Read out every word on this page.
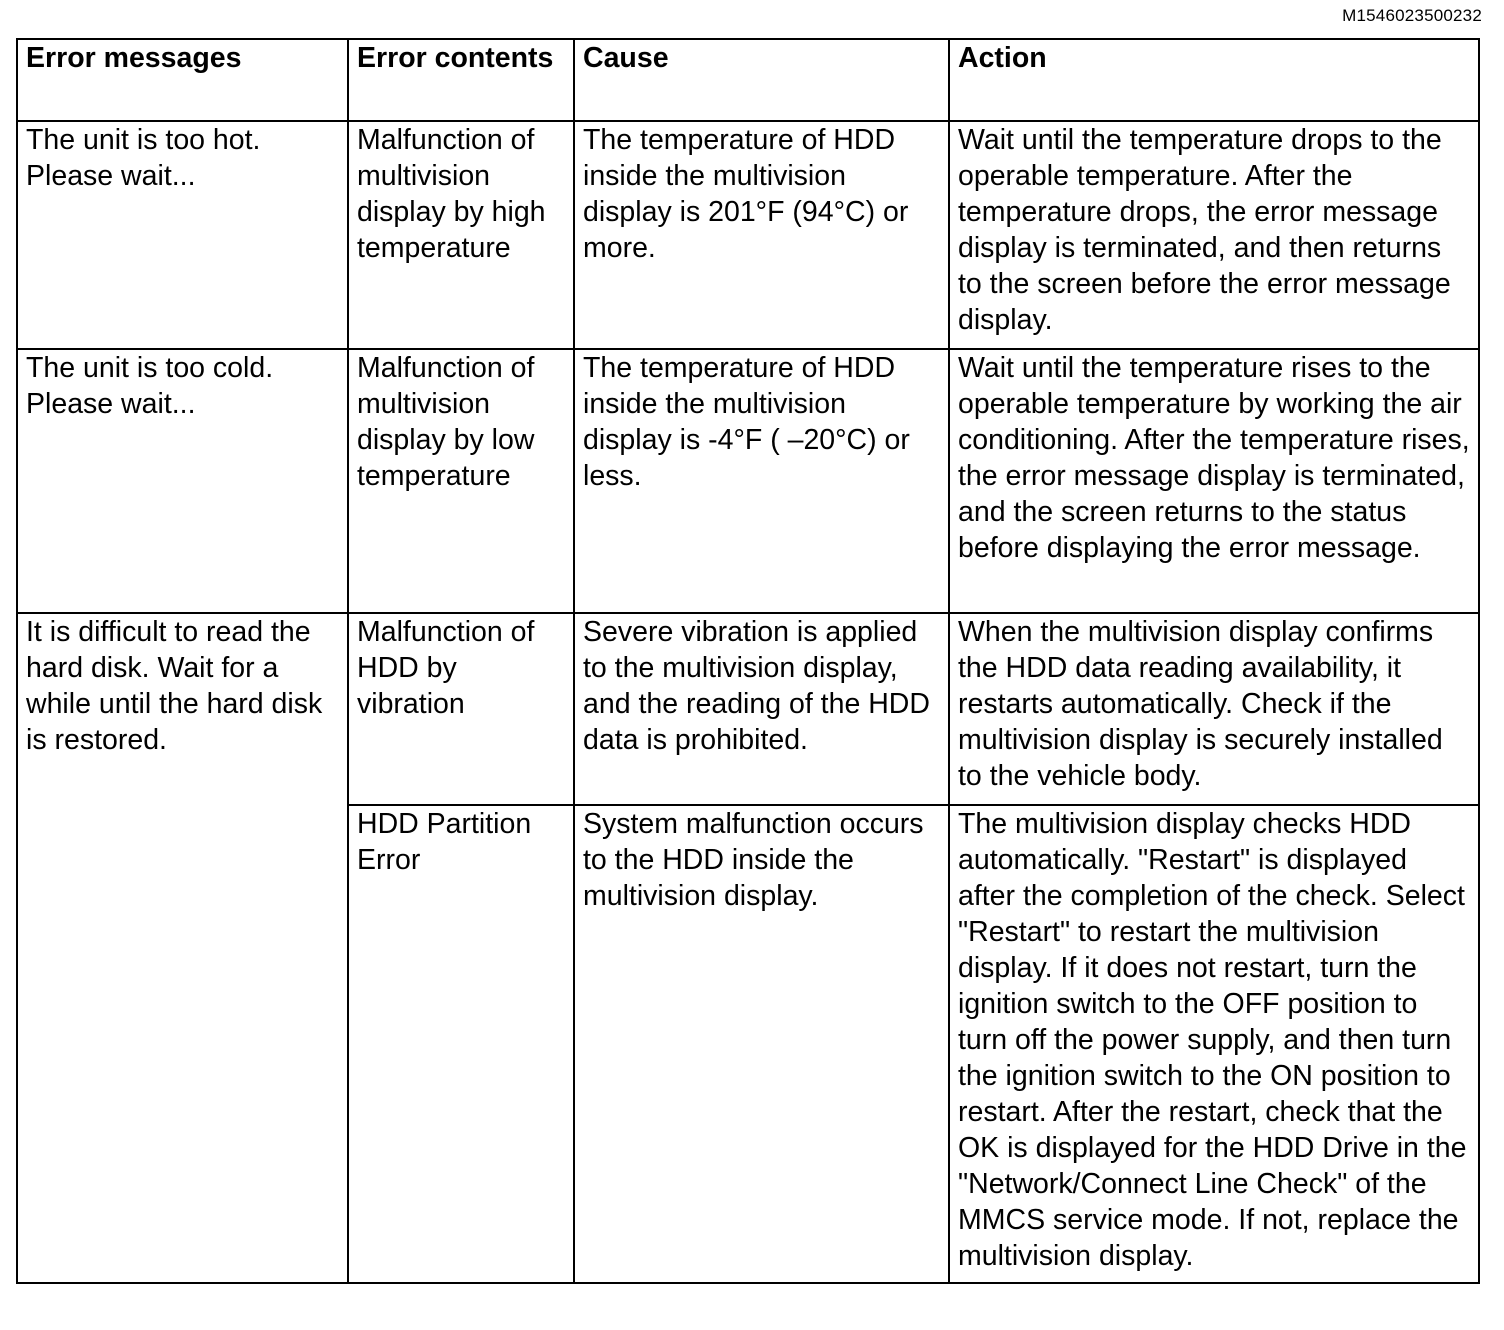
M1546023500232
Error messages	Error contents	Cause	Action

The unit is too hot. Please wait...	Malfunction of multivision display by high temperature	The temperature of HDD inside the multivision display is 201°F (94°C) or more.	Wait until the temperature drops to the operable temperature. After the temperature drops, the error message display is terminated, and then returns to the screen before the error message display.

The unit is too cold. Please wait...	Malfunction of multivision display by low temperature	The temperature of HDD inside the multivision display is -4°F ( –20°C) or less.	Wait until the temperature rises to the operable temperature by working the air conditioning. After the temperature rises, the error message display is terminated, and the screen returns to the status before displaying the error message.

It is difficult to read the hard disk. Wait for a while until the hard disk is restored.	Malfunction of HDD by vibration	Severe vibration is applied to the multivision display, and the reading of the HDD data is prohibited.	When the multivision display confirms the HDD data reading availability, it restarts automatically. Check if the multivision display is securely installed to the vehicle body.

	HDD Partition Error	System malfunction occurs to the HDD inside the multivision display.	The multivision display checks HDD automatically. "Restart" is displayed after the completion of the check. Select "Restart" to restart the multivision display. If it does not restart, turn the ignition switch to the OFF position to turn off the power supply, and then turn the ignition switch to the ON position to restart. After the restart, check that the OK is displayed for the HDD Drive in the "Network/Connect Line Check" of the MMCS service mode. If not, replace the multivision display.
